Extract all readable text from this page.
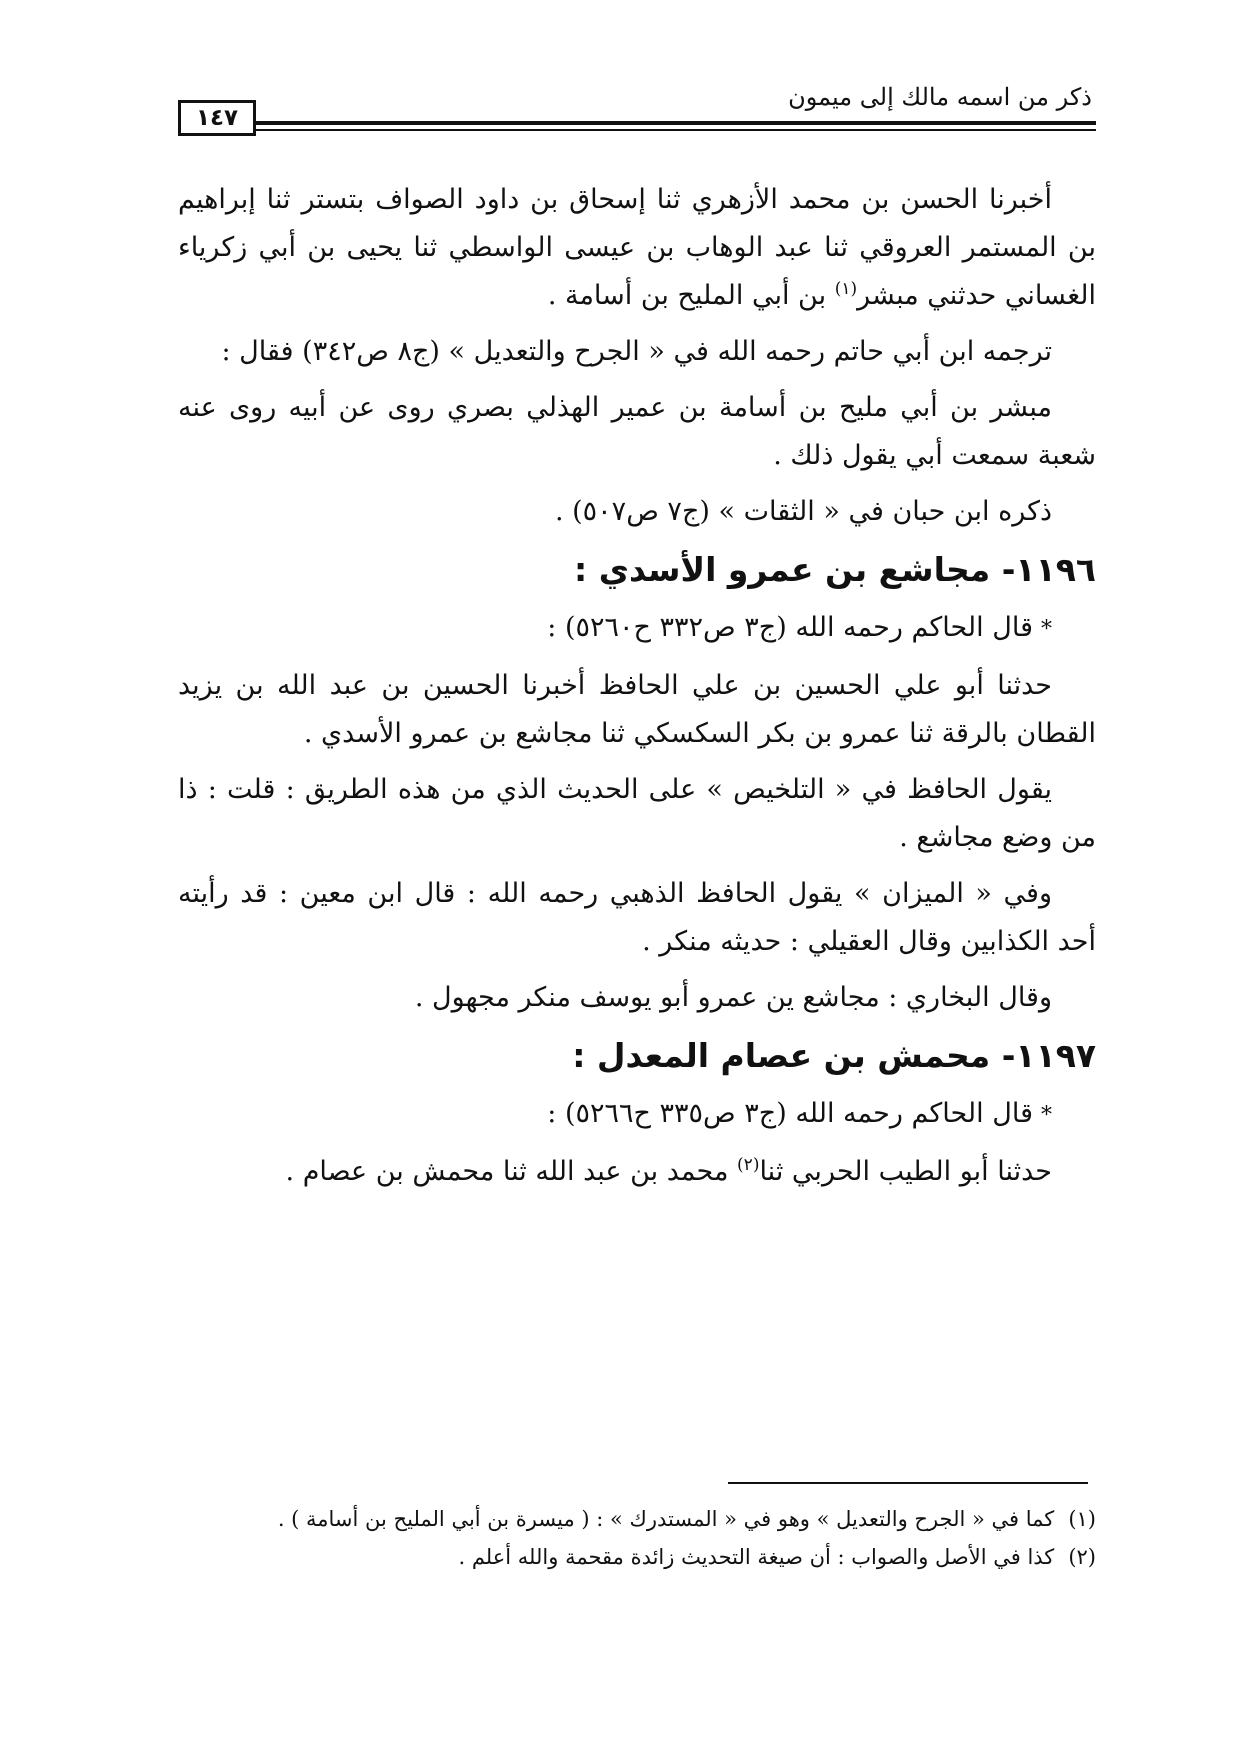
ذكر من اسمه مالك إلى ميمون
١٤٧

أخبرنا الحسن بن محمد الأزهري ثنا إسحاق بن داود الصواف بتستر ثنا إبراهيم بن المستمر العروقي ثنا عبد الوهاب بن عيسى الواسطي ثنا يحيى بن أبي زكرياء الغساني حدثني مبشر$^{(١)}$ بن أبي المليح بن أسامة .

ترجمه ابن أبي حاتم رحمه الله في « الجرح والتعديل » (ج٨ ص٣٤٢) فقال :

مبشر بن أبي مليح بن أسامة بن عمير الهذلي بصري روى عن أبيه روى عنه شعبة سمعت أبي يقول ذلك .

ذكره ابن حبان في « الثقات » (ج٧ ص٥٠٧) .

١١٩٦- مجاشع بن عمرو الأسدي :

*قال الحاكم رحمه الله (ج٣ ص٣٣٢ ح٥٢٦٠) :

حدثنا أبو علي الحسين بن علي الحافظ أخبرنا الحسين بن عبد الله بن يزيد القطان بالرقة ثنا عمرو بن بكر السكسكي ثنا مجاشع بن عمرو الأسدي .

يقول الحافظ في « التلخيص » على الحديث الذي من هذه الطريق : قلت : ذا من وضع مجاشع .

وفي « الميزان » يقول الحافظ الذهبي رحمه الله : قال ابن معين : قد رأيته أحد الكذابين وقال العقيلي : حديثه منكر .

وقال البخاري : مجاشع ين عمرو أبو يوسف منكر مجهول .

١١٩٧- محمش بن عصام المعدل :

*قال الحاكم رحمه الله (ج٣ ص٣٣٥ ح٥٢٦٦) :

حدثنا أبو الطيب الحربي ثنا$^{(٢)}$ محمد بن عبد الله ثنا محمش بن عصام .

(١)كما في « الجرح والتعديل » وهو في « المستدرك » : ( ميسرة بن أبي المليح بن أسامة ) .

(٢)كذا في الأصل والصواب : أن صيغة التحديث زائدة مقحمة والله أعلم .
